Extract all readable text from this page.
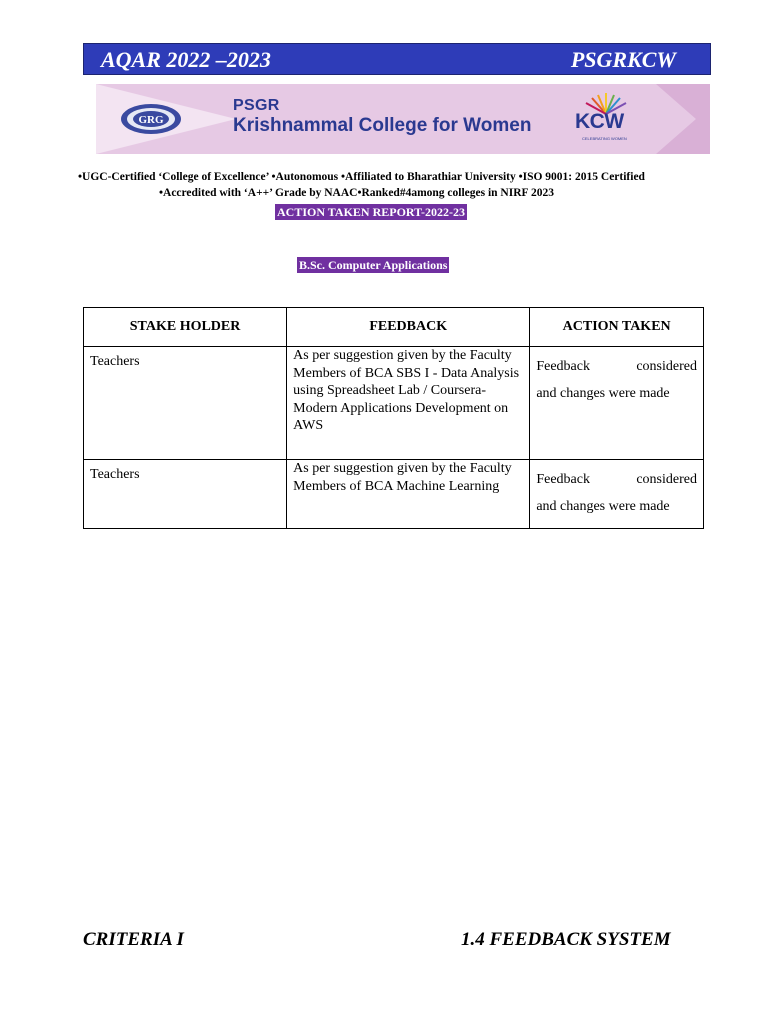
AQAR 2022 –2023	PSGRKCW
GRG
PSGR
Krishnammal College for Women KCW
CELEBRATING WOMEN
•UGC-Certified ‘College of Excellence’ •Autonomous •Affiliated to Bharathiar University •ISO 9001: 2015 Certified
•Accredited with ‘A++’ Grade by NAAC•Ranked#4among colleges in NIRF 2023
ACTION TAKEN REPORT-2022-23
B.Sc. Computer Applications
STAKE HOLDER	FEEDBACK	ACTION TAKEN
Teachers	As per suggestion given by the Faculty Members of BCA SBS I - Data Analysis using Spreadsheet Lab / Coursera-Modern Applications Development on AWS	Feedback considered
and changes were made

Teachers	As per suggestion given by the Faculty Members of BCA Machine Learning	Feedback considered
and changes were made
CRITERIA I	1.4 FEEDBACK SYSTEM
